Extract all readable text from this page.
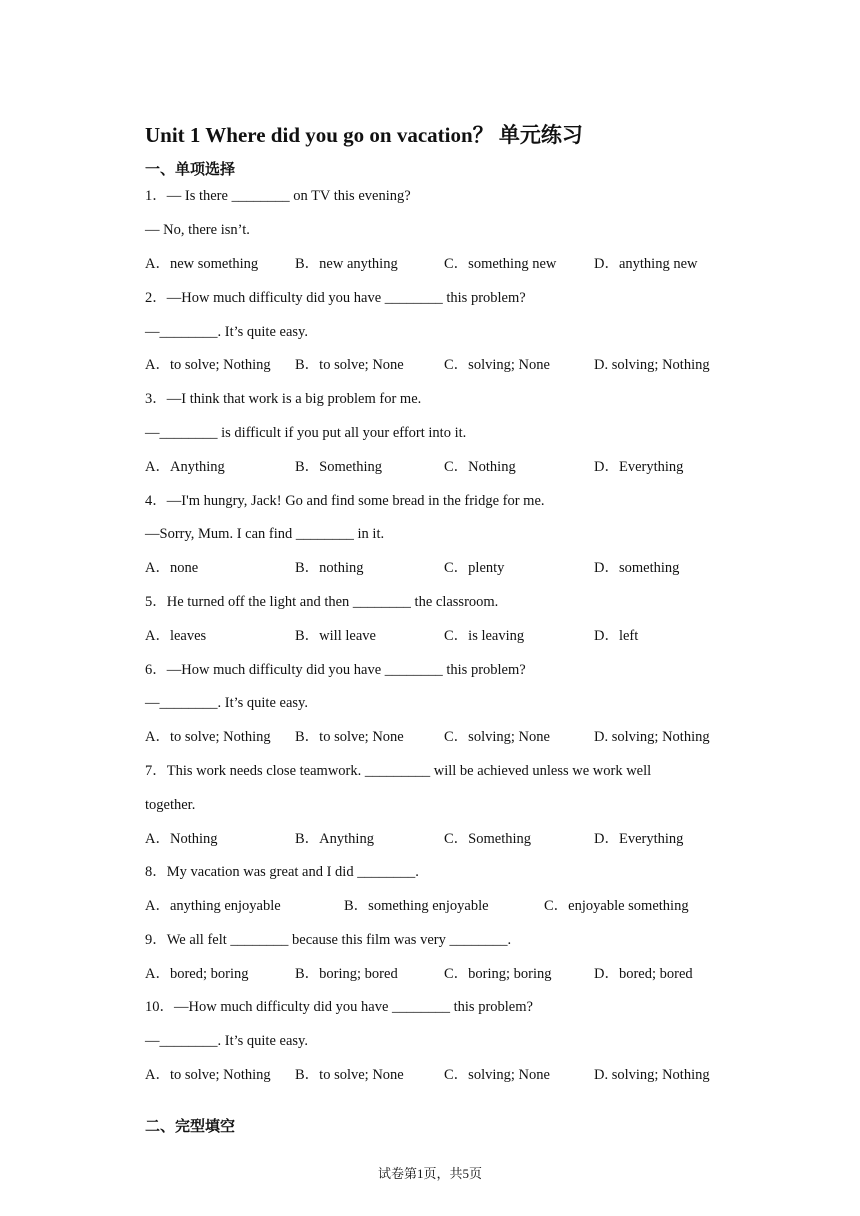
Unit 1 Where did you go on vacation？ 单元练习
一、单项选择
1．— Is there ________ on TV this evening?
— No, there isn’t.
A．new something	B．new anything	C．something new	D．anything new
2．—How much difficulty did you have ________ this problem?
—________. It’s quite easy.
A．to solve; Nothing B．to solve; None	C．solving; None	D. solving; Nothing
3．—I think that work is a big problem for me.
—________ is difficult if you put all your effort into it.
A．Anything	B．Something	C．Nothing	D．Everything
4．—I'm hungry, Jack! Go and find some bread in the fridge for me.
—Sorry, Mum. I can find ________ in it.
A．none	B．nothing	C．plenty	D．something
5．He turned off the light and then ________ the classroom.
A．leaves	B．will leave	C．is leaving	D．left
6．—How much difficulty did you have ________ this problem?
—________. It’s quite easy.
A．to solve; Nothing B．to solve; None	C．solving; None	D. solving; Nothing
7．This work needs close teamwork. _________ will be achieved unless we work well
together.
A．Nothing	B．Anything	C．Something	D．Everything
8．My vacation was great and I did ________.
A．anything enjoyable	B．something enjoyable	C．enjoyable something
9．We all felt ________ because this film was very ________.
A．bored; boring	B．boring; bored	C．boring; boring	D．bored; bored
10．—How much difficulty did you have ________ this problem?
—________. It’s quite easy.
A．to solve; Nothing B．to solve; None	C．solving; None	D. solving; Nothing
二、完型填空
试卷第1页，共5页
